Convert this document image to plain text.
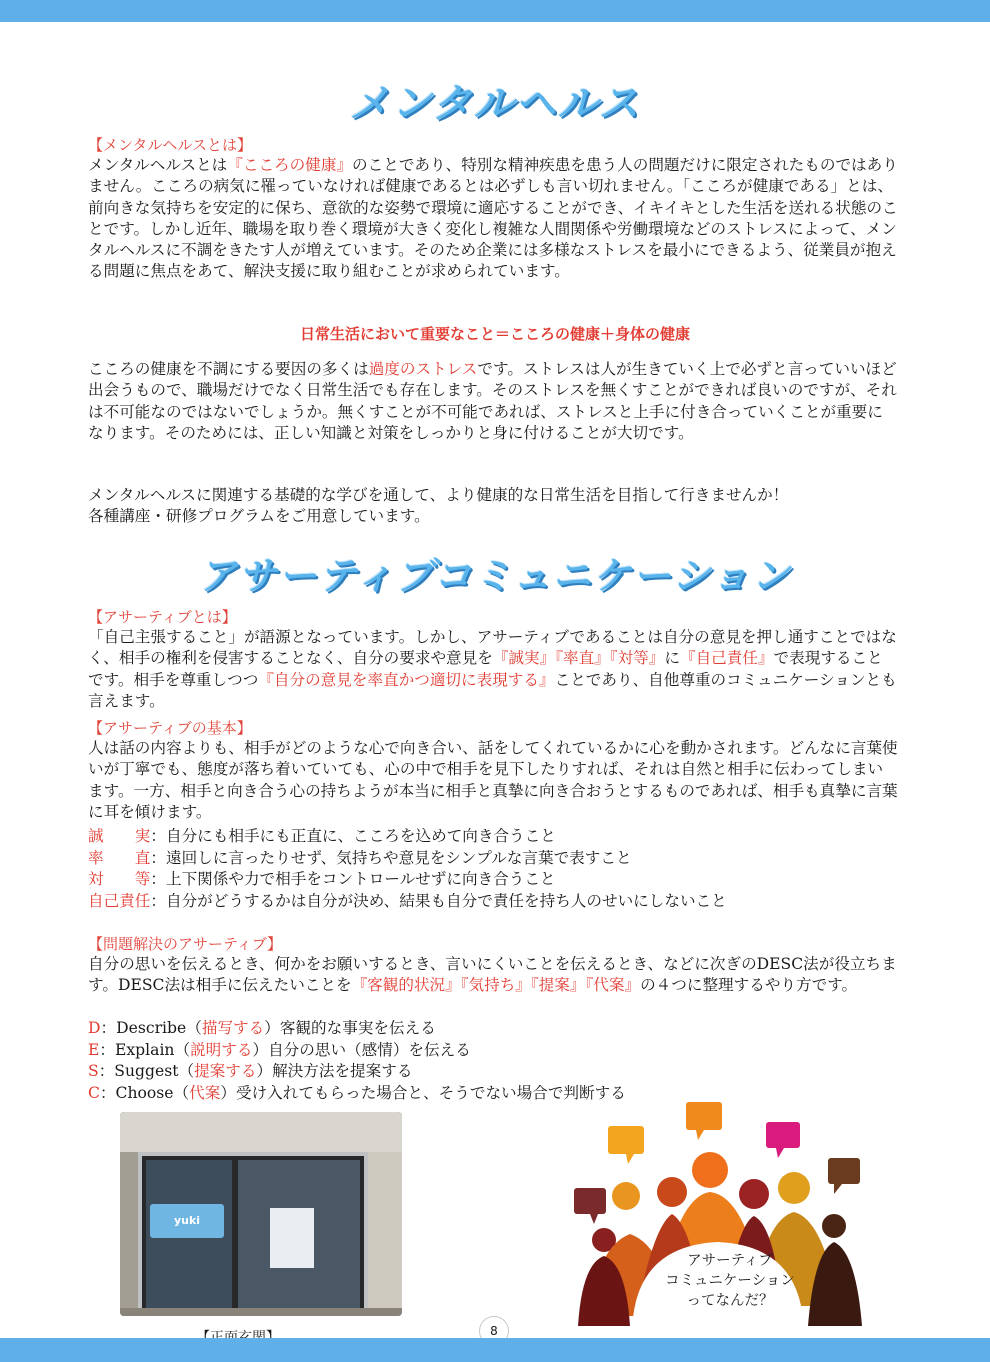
メンタルヘルス
【メンタルヘルスとは】
メンタルヘルスとは『こころの健康』のことであり、特別な精神疾患を患う人の問題だけに限定されたものではありません。こころの病気に罹っていなければ健康であるとは必ずしも言い切れません。「こころが健康である」とは、前向きな気持ちを安定的に保ち、意欲的な姿勢で環境に適応することができ、イキイキとした生活を送れる状態のことです。しかし近年、職場を取り巻く環境が大きく変化し複雑な人間関係や労働環境などのストレスによって、メンタルヘルスに不調をきたす人が増えています。そのため企業には多様なストレスを最小にできるよう、従業員が抱える問題に焦点をあて、解決支援に取り組むことが求められています。
日常生活において重要なこと＝こころの健康＋身体の健康
こころの健康を不調にする要因の多くは過度のストレスです。ストレスは人が生きていく上で必ずと言っていいほど出会うもので、職場だけでなく日常生活でも存在します。そのストレスを無くすことができれば良いのですが、それは不可能なのではないでしょうか。無くすことが不可能であれば、ストレスと上手に付き合っていくことが重要になります。そのためには、正しい知識と対策をしっかりと身に付けることが大切です。
メンタルヘルスに関連する基礎的な学びを通して、より健康的な日常生活を目指して行きませんか！
各種講座・研修プログラムをご用意しています。
アサーティブコミュニケーション
【アサーティブとは】
「自己主張すること」が語源となっています。しかし、アサーティブであることは自分の意見を押し通すことではなく、相手の権利を侵害することなく、自分の要求や意見を『誠実』『率直』『対等』に『自己責任』で表現することです。相手を尊重しつつ『自分の意見を率直かつ適切に表現する』ことであり、自他尊重のコミュニケーションとも言えます。
【アサーティブの基本】
人は話の内容よりも、相手がどのような心で向き合い、話をしてくれているかに心を動かされます。どんなに言葉使いが丁寧でも、態度が落ち着いていても、心の中で相手を見下したりすれば、それは自然と相手に伝わってしまいます。一方、相手と向き合う心の持ちようが本当に相手と真摯に向き合おうとするものであれば、相手も真摯に言葉に耳を傾けます。
誠　　実：自分にも相手にも正直に、こころを込めて向き合うこと
率　　直：遠回しに言ったりせず、気持ちや意見をシンプルな言葉で表すこと
対　　等：上下関係や力で相手をコントロールせずに向き合うこと
自己責任：自分がどうするかは自分が決め、結果も自分で責任を持ち人のせいにしないこと
【問題解決のアサーティブ】
自分の思いを伝えるとき、何かをお願いするとき、言いにくいことを伝えるとき、などに次ぎのDESC法が役立ちます。DESC法は相手に伝えたいことを『客観的状況』『気持ち』『提案』『代案』の４つに整理するやり方です。
D：Describe（描写する）客観的な事実を伝える
E：Explain（説明する）自分の思い（感情）を伝える
S：Suggest（提案する）解決方法を提案する
C：Choose（代案）受け入れてもらった場合と、そうでない場合で判断する
yuki
8
アサーティブ
コミュニケーション
ってなんだ？
